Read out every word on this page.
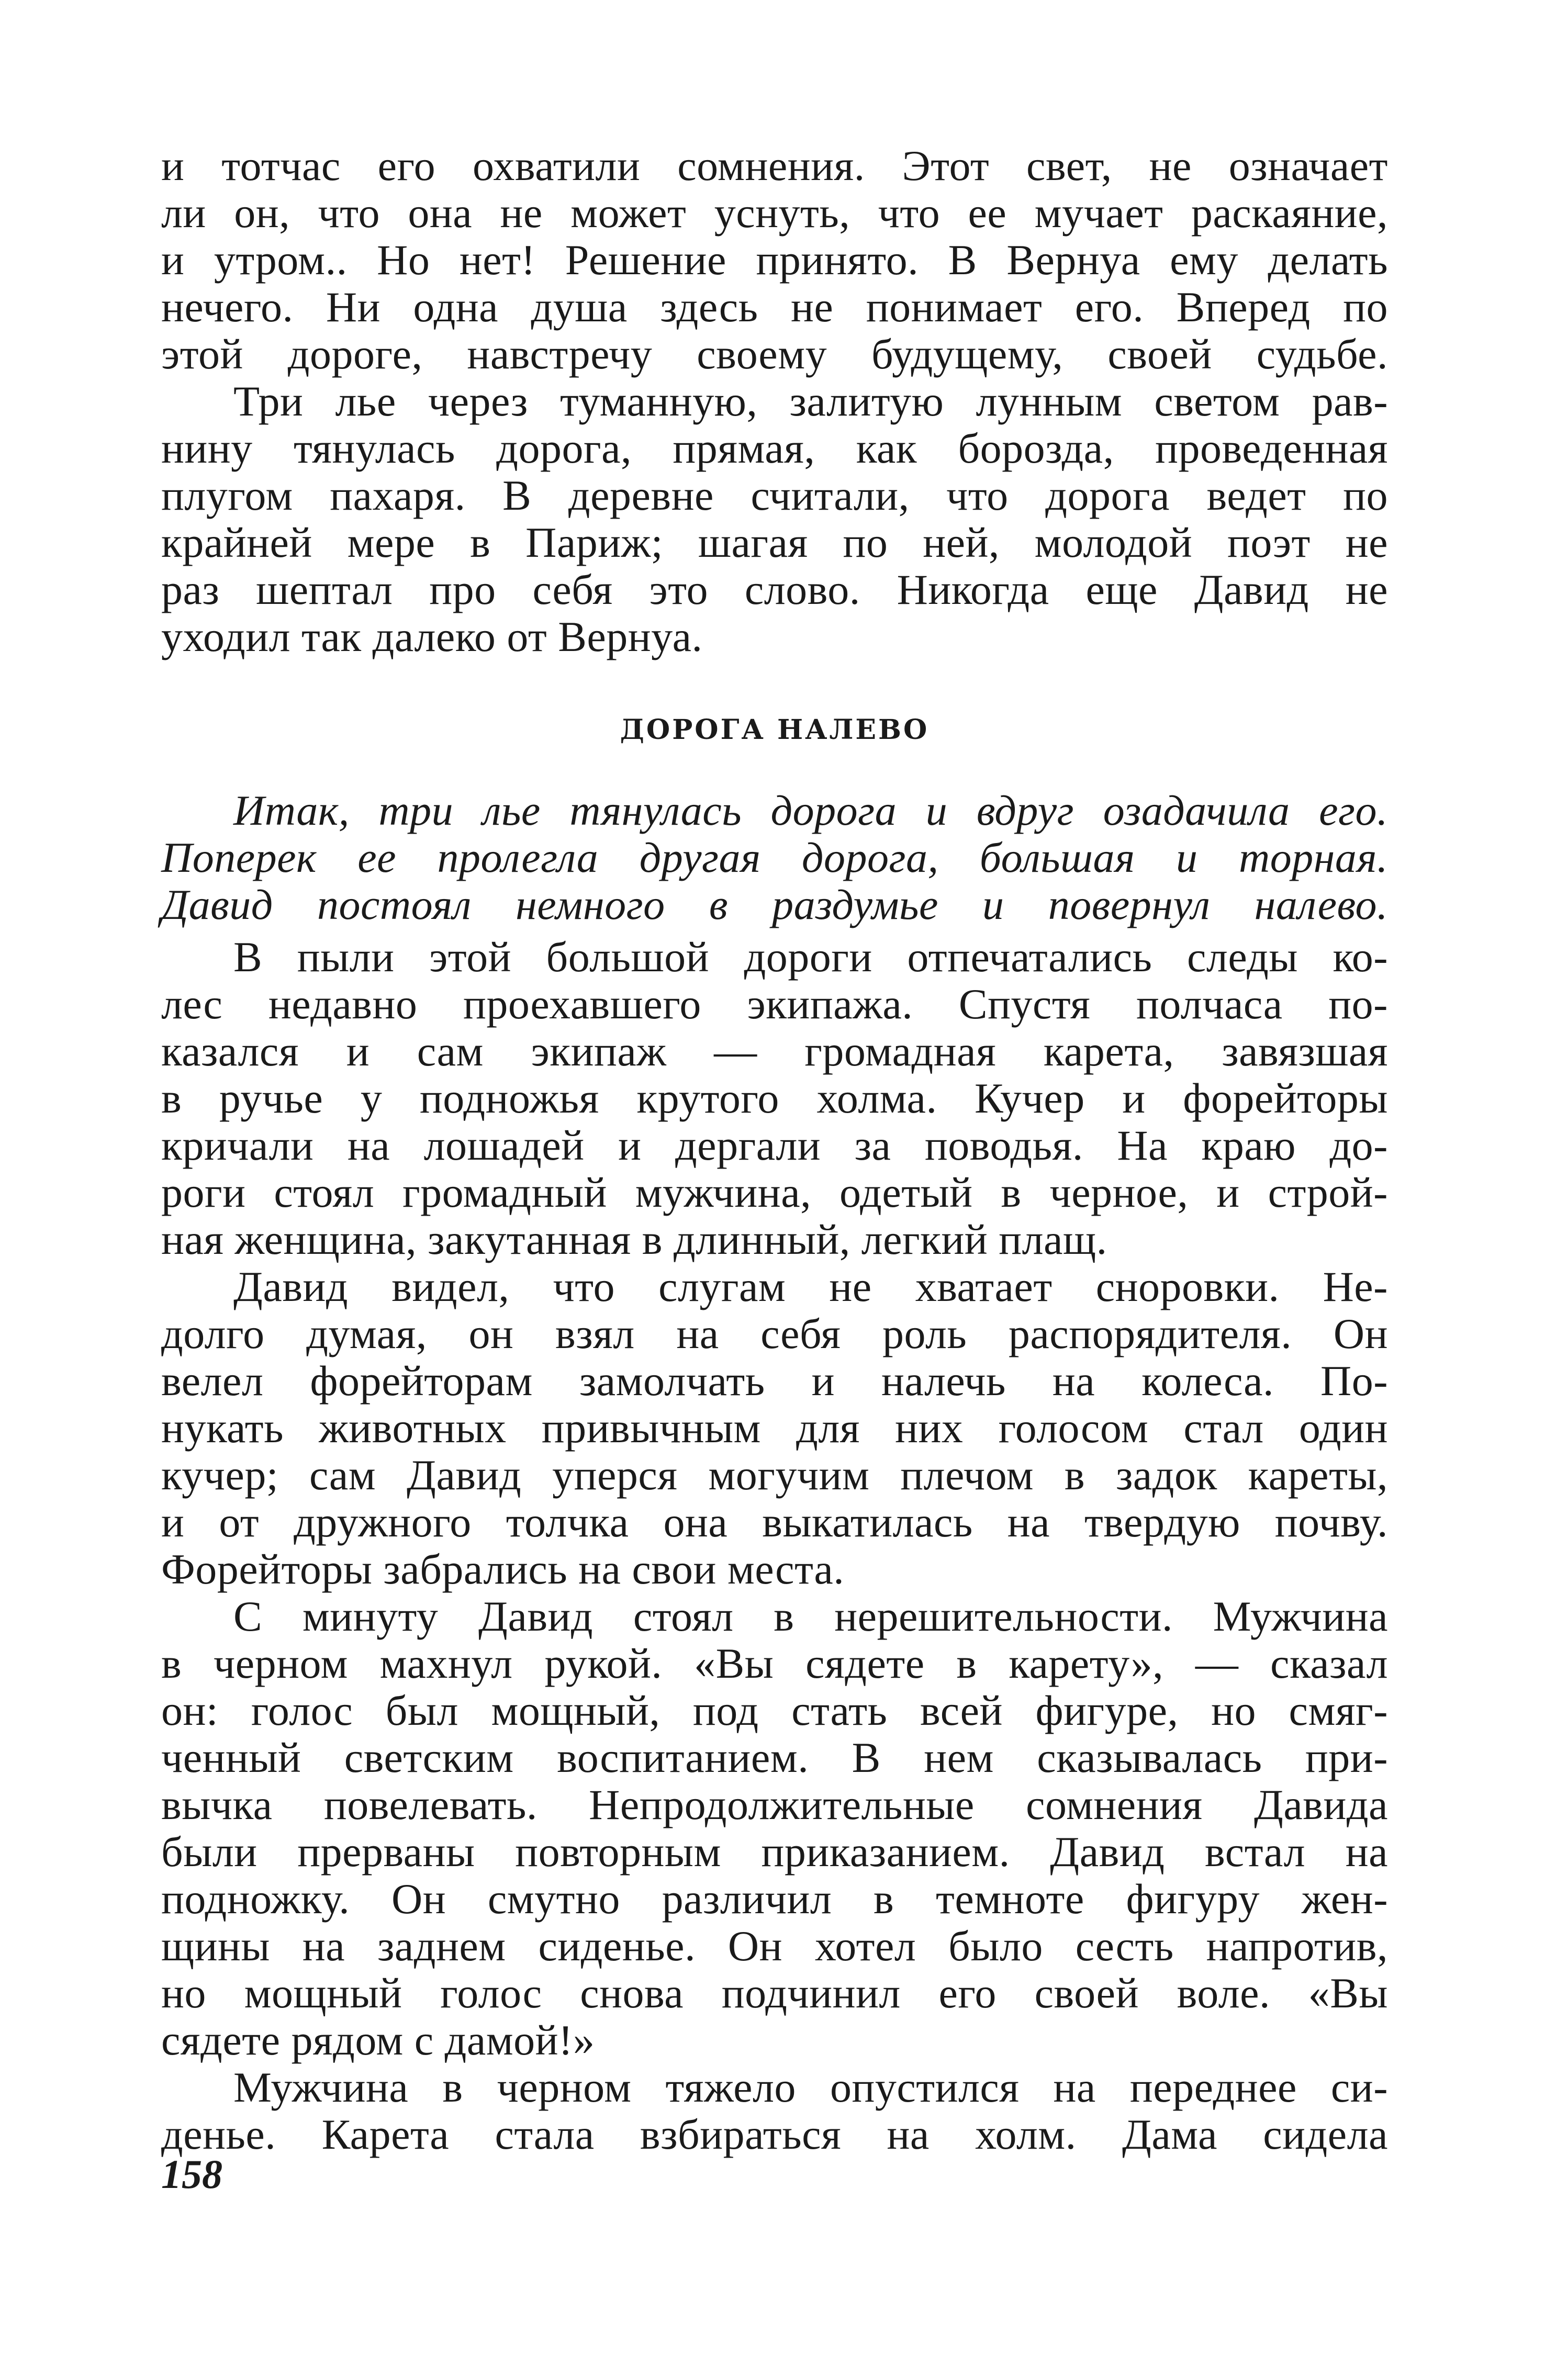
и тотчас его охватили сомнения. Этот свет, не означает
ли он, что она не может уснуть, что ее мучает раскаяние,
и утром.. Но нет! Решение принято. В Вернуа ему делать
нечего. Ни одна душа здесь не понимает его. Вперед по
этой дороге, навстречу своему будущему, своей судьбе.
Три лье через туманную, залитую лунным светом рав-
нину тянулась дорога, прямая, как борозда, проведенная
плугом пахаря. В деревне считали, что дорога ведет по
крайней мере в Париж; шагая по ней, молодой поэт не
раз шептал про себя это слово. Никогда еще Давид не
уходил так далеко от Вернуа.
ДОРОГА НАЛЕВО
Итак, три лье тянулась дорога и вдруг озадачила его.
Поперек ее пролегла другая дорога, большая и торная.
Давид постоял немного в раздумье и повернул налево.
В пыли этой большой дороги отпечатались следы ко-
лес недавно проехавшего экипажа. Спустя полчаса по-
казался и сам экипаж — громадная карета, завязшая
в ручье у подножья крутого холма. Кучер и форейторы
кричали на лошадей и дергали за поводья. На краю до-
роги стоял громадный мужчина, одетый в черное, и строй-
ная женщина, закутанная в длинный, легкий плащ.
Давид видел, что слугам не хватает сноровки. Не-
долго думая, он взял на себя роль распорядителя. Он
велел форейторам замолчать и налечь на колеса. По-
нукать животных привычным для них голосом стал один
кучер; сам Давид уперся могучим плечом в задок кареты,
и от дружного толчка она выкатилась на твердую почву.
Форейторы забрались на свои места.
С минуту Давид стоял в нерешительности. Мужчина
в черном махнул рукой. «Вы сядете в карету», — сказал
он: голос был мощный, под стать всей фигуре, но смяг-
ченный светским воспитанием. В нем сказывалась при-
вычка повелевать. Непродолжительные сомнения Давида
были прерваны повторным приказанием. Давид встал на
подножку. Он смутно различил в темноте фигуру жен-
щины на заднем сиденье. Он хотел было сесть напротив,
но мощный голос снова подчинил его своей воле. «Вы
сядете рядом с дамой!»
Мужчина в черном тяжело опустился на переднее си-
денье. Карета стала взбираться на холм. Дама сидела
158
